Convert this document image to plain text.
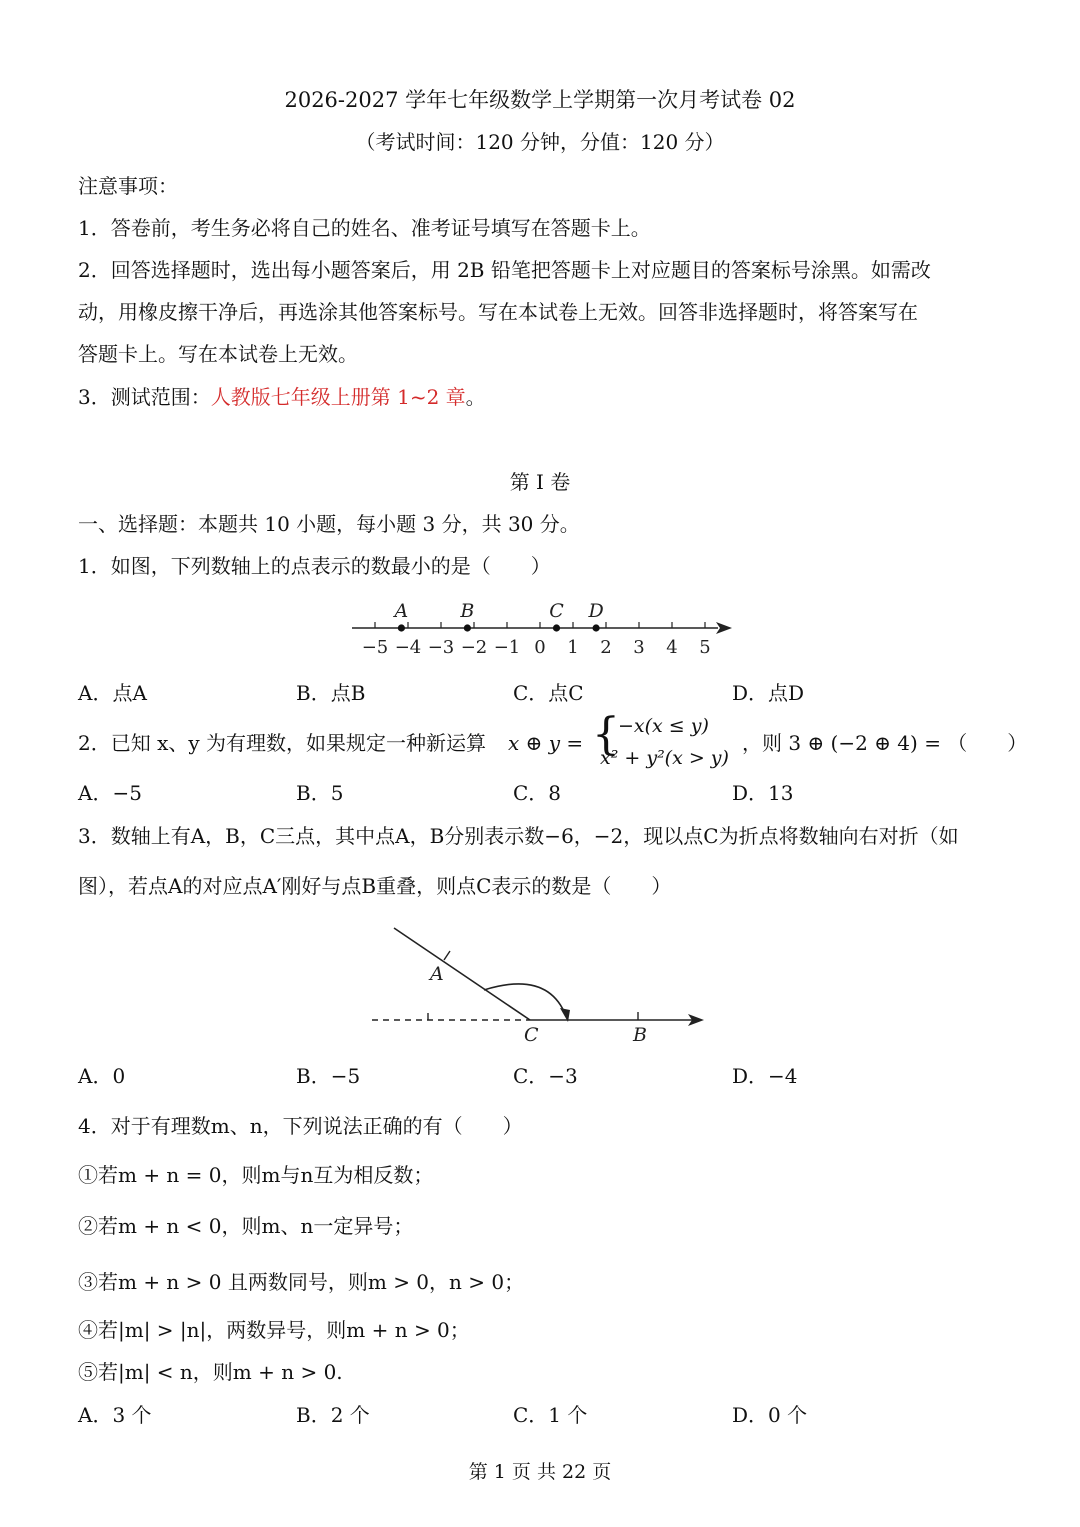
2026-2027 学年七年级数学上学期第一次月考试卷 02
（考试时间：120 分钟，分值：120 分）
注意事项：
1．答卷前，考生务必将自己的姓名、准考证号填写在答题卡上。
2．回答选择题时，选出每小题答案后，用 2B 铅笔把答题卡上对应题目的答案标号涂黑。如需改
动，用橡皮擦干净后，再选涂其他答案标号。写在本试卷上无效。回答非选择题时，将答案写在
答题卡上。写在本试卷上无效。
3．测试范围：人教版七年级上册第 1~2 章。
第 I 卷
一、选择题：本题共 10 小题，每小题 3 分，共 30 分。
1．如图，下列数轴上的点表示的数最小的是（　　）
−5 −4 −3 −2 −1 0 1 2 3 4 5
A	B	C D
A．点A	B．点B	C．点C	D．点D
2．已知 x、y 为有理数，如果规定一种新运算 x ⊕ y = {
−x(x ≤ y)
x² + y²(x > y)
，则 3 ⊕ (−2 ⊕ 4) = （　　）
A．−5	B．5	C．8	D．13
3．数轴上有A，B，C三点，其中点A，B分别表示数−6，−2，现以点C为折点将数轴向右对折（如
图），若点A的对应点A′刚好与点B重叠，则点C表示的数是（　　）
A
C	B
A．0	B．−5	C．−3	D．−4
4．对于有理数m、n，下列说法正确的有（　　）
①若m + n = 0，则m与n互为相反数；
②若m + n < 0，则m、n一定异号；
③若m + n > 0 且两数同号，则m > 0，n > 0；
④若|m| > |n|，两数异号，则m + n > 0；
⑤若|m| < n，则m + n > 0.
A．3 个	B．2 个	C．1 个	D．0 个
第 1 页 共 22 页
